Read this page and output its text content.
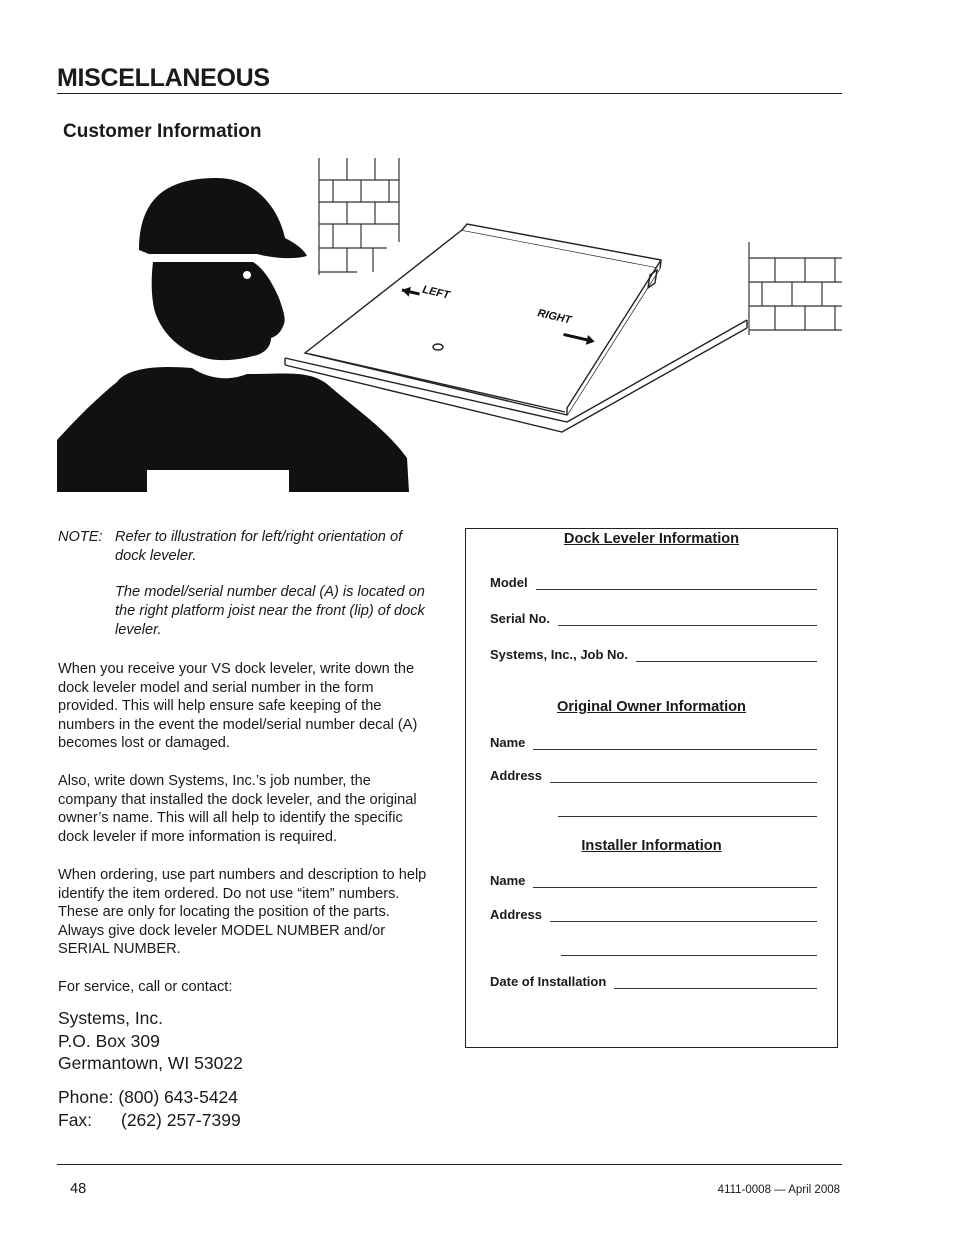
MISCELLANEOUS
Customer Information
LEFT
RIGHT
NOTE: Refer to illustration for left/right orientation of dock leveler.
The model/serial number decal (A) is located on the right platform joist near the front (lip) of dock leveler.
When you receive your VS dock leveler, write down the dock leveler model and serial number in the form provided. This will help ensure safe keeping of the numbers in the event the model/serial number decal (A) becomes lost or damaged.
Also, write down Systems, Inc.’s job number, the company that installed the dock leveler, and the original owner’s name. This will all help to identify the specific dock leveler if more information is required.
When ordering, use part numbers and description to help identify the item ordered. Do not use “item” numbers. These are only for locating the position of the parts. Always give dock leveler MODEL NUMBER and/or SERIAL NUMBER.
For service, call or contact:
Systems, Inc.
P.O. Box 309
Germantown, WI 53022
Phone: (800) 643-5424
Fax: (262) 257-7399
Dock Leveler Information
Model
Serial No.
Systems, Inc., Job No.
Original Owner Information
Name
Address
Installer Information
Name
Address
Date of Installation
48	4111-0008 — April 2008
